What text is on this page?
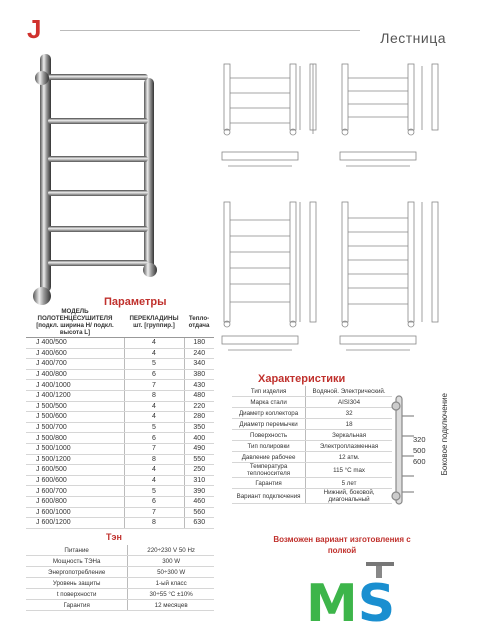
J	Лестница
Параметры
МОДЕЛЬ ПОЛОТЕНЦЕСУШИТЕЛЯ [подкл. ширина Н/ подкл. высота L]	ПЕРЕКЛАДИНЫ шт. [группир.]	Тепло-отдача
J 400/500	4	180
J 400/600	4	240
J 400/700	5	340
J 400/800	6	380
J 400/1000	7	430
J 400/1200	8	480
J 500/500	4	220
J 500/600	4	280
J 500/700	5	350
J 500/800	6	400
J 500/1000	7	490
J 500/1200	8	550
J 600/500	4	250
J 600/600	4	310
J 600/700	5	390
J 600/800	6	460
J 600/1000	7	560
J 600/1200	8	630
Характеристики
Тип изделия	Водяной. Электрический.
Марка стали	AISI304
Диаметр коллектора	32
Диаметр перемычки	18
Поверхность	Зеркальная
Тип полировки	Электроплазменная
Давление рабочее	12 атм.
Температура теплоносителя	115 °C max
Гарантия	5 лет
Вариант подключения	Нижний, боковой, диагональный
320
500
600 Боковое подключение
Тэн
Питание	220÷230 V 50 Hz
Мощность ТЭНа	300 W
Энергопотребление	50÷300 W
Уровень защиты	1-ый класс
t поверхности	30÷55 °C ±10%
Гарантия	12 месяцев
Возможен вариант изготовления с полкой
MS
